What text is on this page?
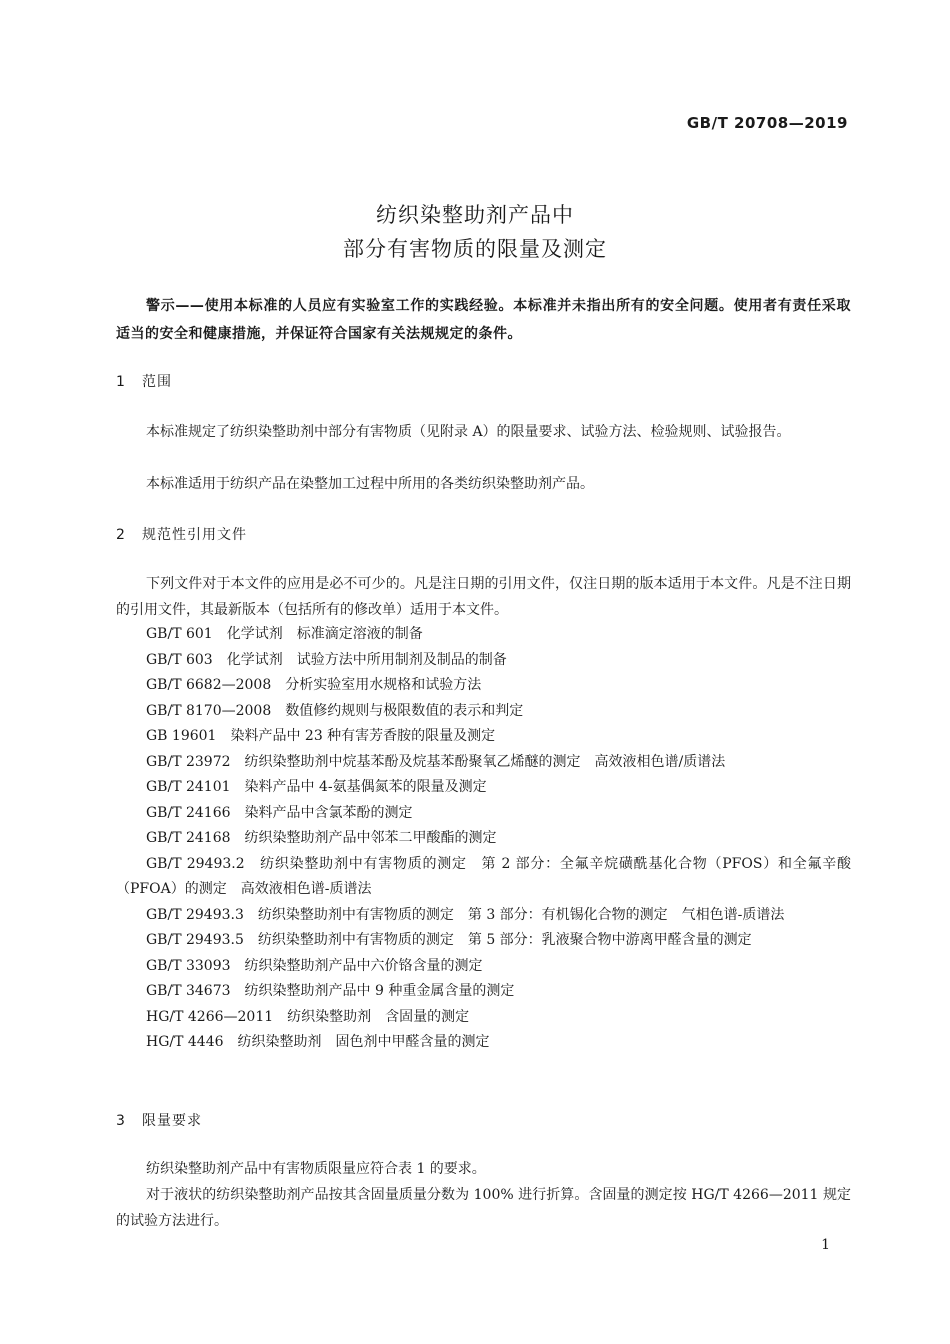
GB/T 20708—2019
纺织染整助剂产品中
部分有害物质的限量及测定
警示——使用本标准的人员应有实验室工作的实践经验。本标准并未指出所有的安全问题。使用者有责任采取适当的安全和健康措施，并保证符合国家有关法规规定的条件。
1 范围
本标准规定了纺织染整助剂中部分有害物质（见附录 A）的限量要求、试验方法、检验规则、试验报告。
本标准适用于纺织产品在染整加工过程中所用的各类纺织染整助剂产品。
2 规范性引用文件
下列文件对于本文件的应用是必不可少的。凡是注日期的引用文件，仅注日期的版本适用于本文件。凡是不注日期的引用文件，其最新版本（包括所有的修改单）适用于本文件。
GB/T 601　化学试剂　标准滴定溶液的制备
GB/T 603　化学试剂　试验方法中所用制剂及制品的制备
GB/T 6682—2008　分析实验室用水规格和试验方法
GB/T 8170—2008　数值修约规则与极限数值的表示和判定
GB 19601　染料产品中 23 种有害芳香胺的限量及测定
GB/T 23972　纺织染整助剂中烷基苯酚及烷基苯酚聚氧乙烯醚的测定　高效液相色谱/质谱法
GB/T 24101　染料产品中 4-氨基偶氮苯的限量及测定
GB/T 24166　染料产品中含氯苯酚的测定
GB/T 24168　纺织染整助剂产品中邻苯二甲酸酯的测定
GB/T 29493.2　纺织染整助剂中有害物质的测定　第 2 部分：全氟辛烷磺酰基化合物（PFOS）和全氟辛酸（PFOA）的测定　高效液相色谱-质谱法
GB/T 29493.3　纺织染整助剂中有害物质的测定　第 3 部分：有机锡化合物的测定　气相色谱-质谱法
GB/T 29493.5　纺织染整助剂中有害物质的测定　第 5 部分：乳液聚合物中游离甲醛含量的测定
GB/T 33093　纺织染整助剂产品中六价铬含量的测定
GB/T 34673　纺织染整助剂产品中 9 种重金属含量的测定
HG/T 4266—2011　纺织染整助剂　含固量的测定
HG/T 4446　纺织染整助剂　固色剂中甲醛含量的测定
3 限量要求
纺织染整助剂产品中有害物质限量应符合表 1 的要求。
对于液状的纺织染整助剂产品按其含固量质量分数为 100% 进行折算。含固量的测定按 HG/T 4266—2011 规定的试验方法进行。
1
